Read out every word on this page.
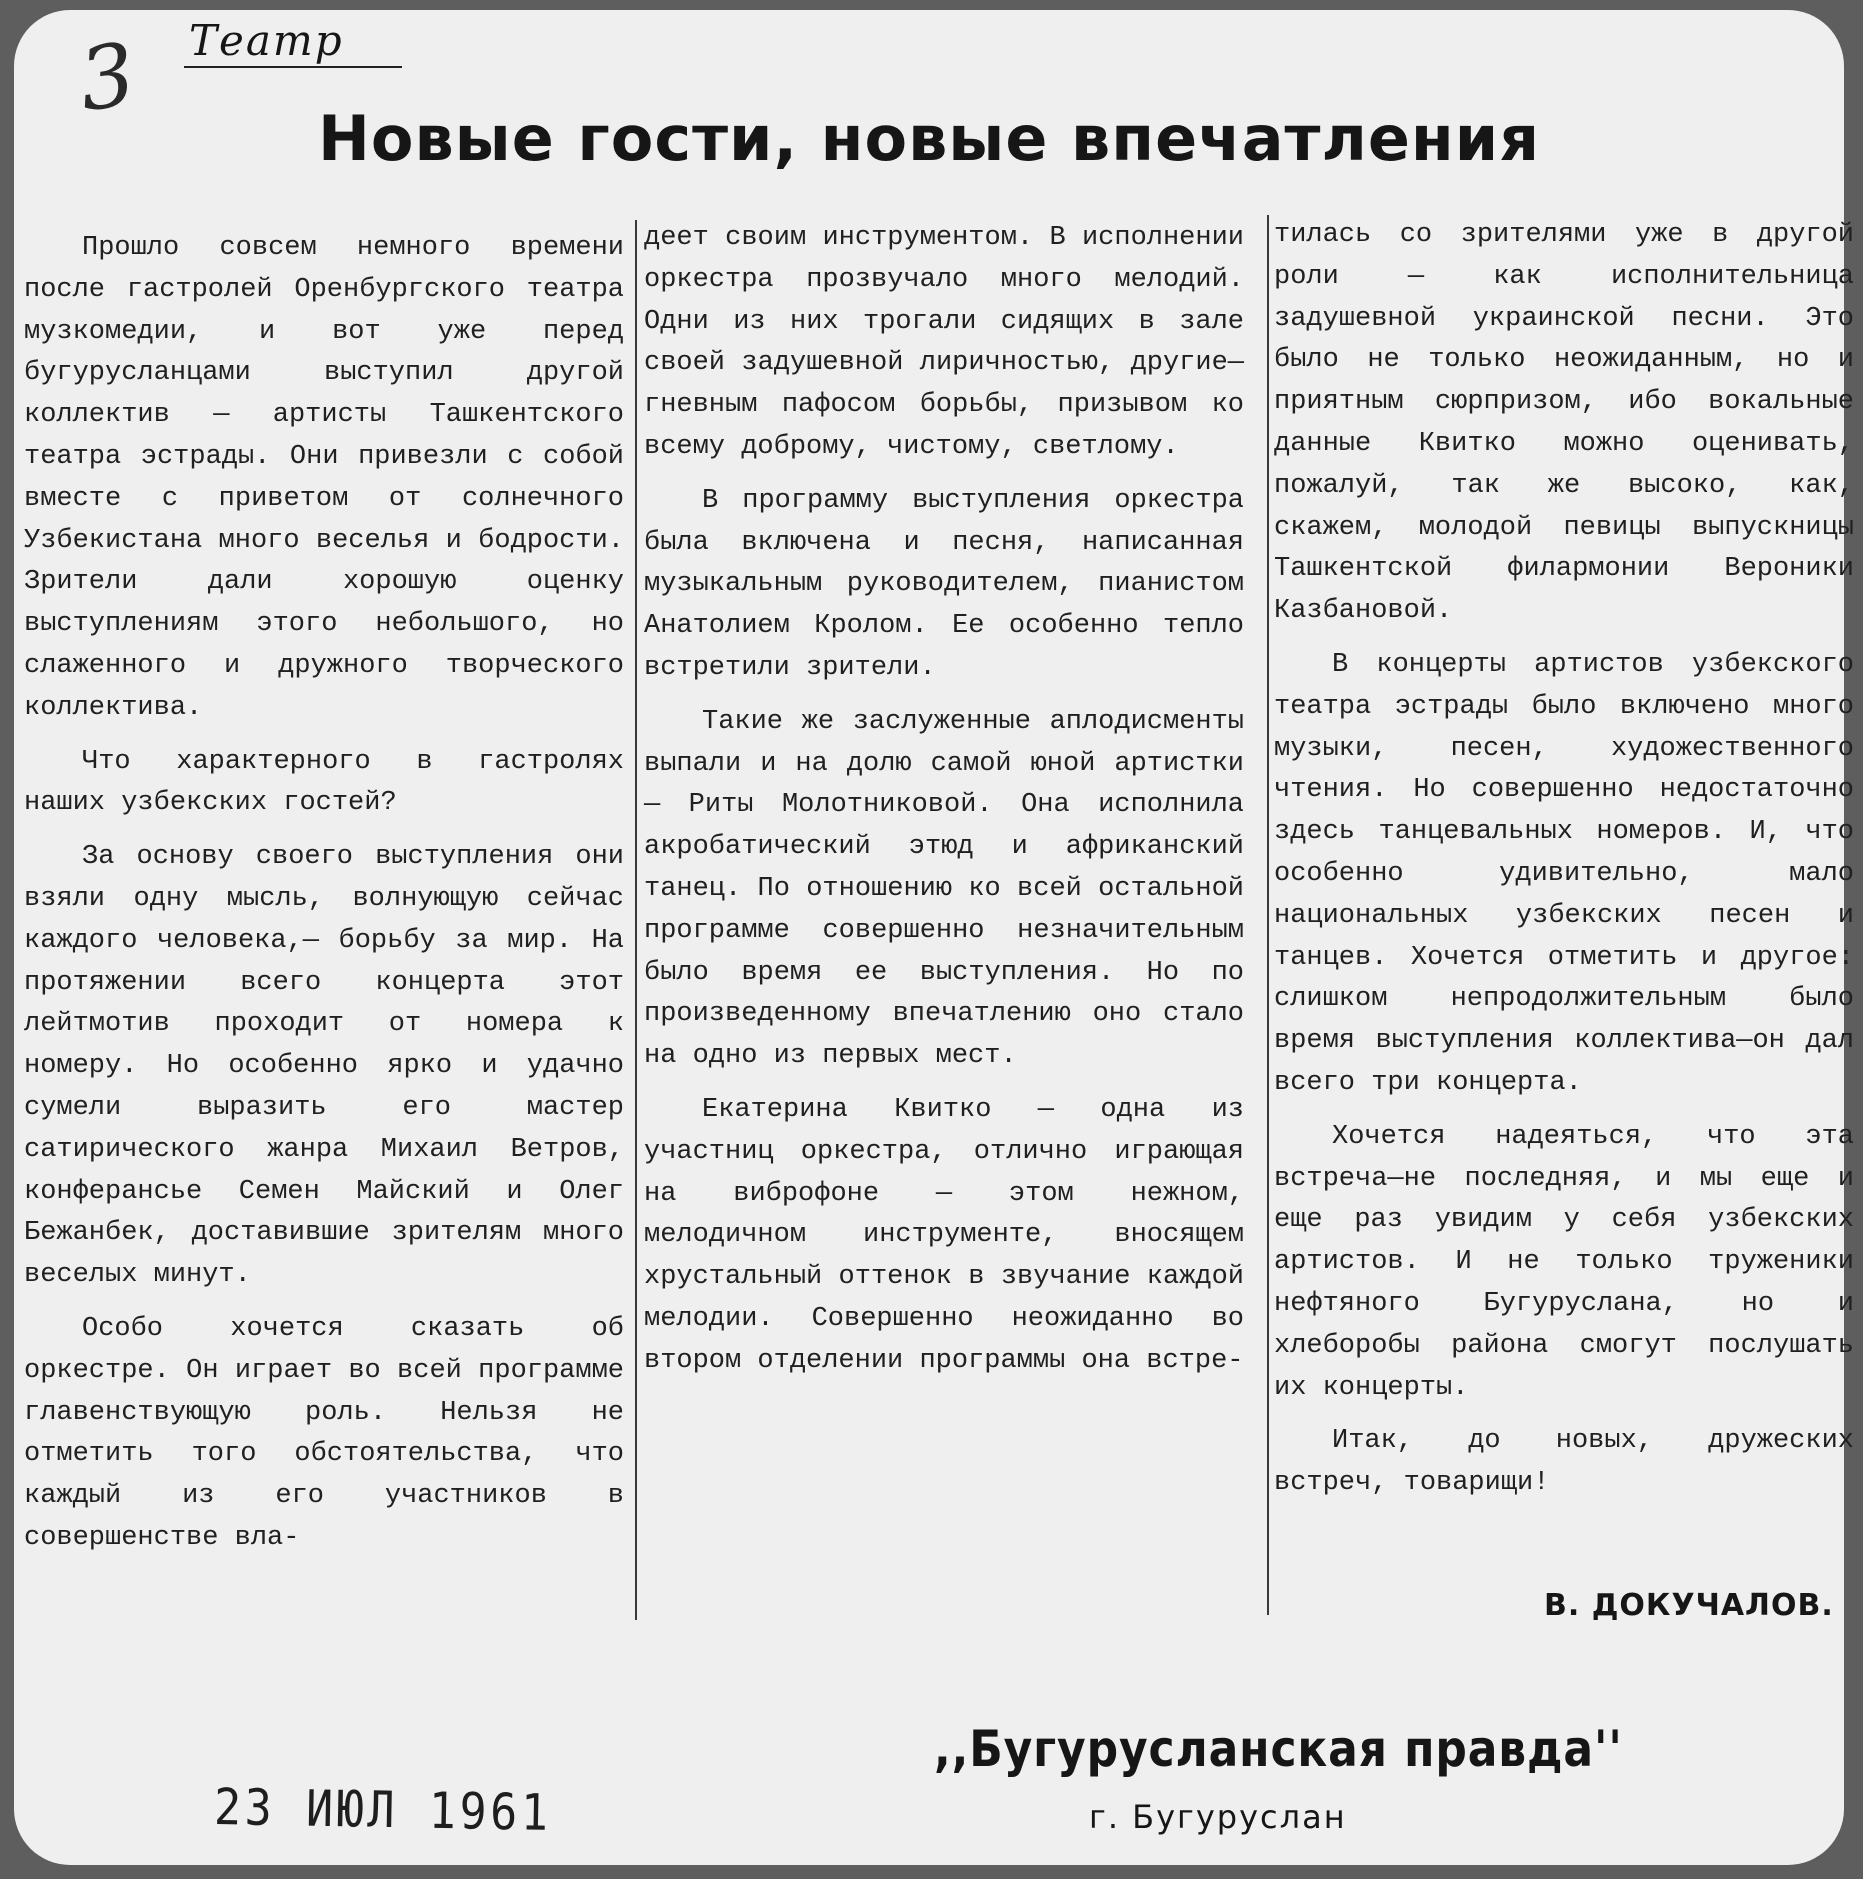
3 Театр
Новые гости, новые впечатления

Прошло совсем немного времени после гастролей Оренбургского театра музкомедии, и вот уже перед бугурусланцами выступил другой коллектив — артисты Ташкентского театра эстрады. Они привезли с собой вместе с приветом от солнечного Узбекистана много веселья и бодрости. Зрители дали хорошую оценку выступлениям этого небольшого, но слаженного и дружного творческого коллектива.

Что характерного в гастролях наших узбекских гостей?

За основу своего выступления они взяли одну мысль, волнующую сейчас каждого человека,— борьбу за мир. На протяжении всего концерта этот лейтмотив проходит от номера к номеру. Но особенно ярко и удачно сумели выразить его мастер сатирического жанра Михаил Ветров, конферансье Семен Майский и Олег Бежанбек, доставившие зрителям много веселых минут.

Особо хочется сказать об оркестре. Он играет во всей программе главенствующую роль. Нельзя не отметить того обстоятельства, что каждый из его участников в совершенстве вла-

деет своим инструментом. В исполнении оркестра прозвучало много мелодий. Одни из них трогали сидящих в зале своей задушевной лиричностью, другие— гневным пафосом борьбы, призывом ко всему доброму, чистому, светлому.

В программу выступления оркестра была включена и песня, написанная музыкальным руководителем, пианистом Анатолием Кролом. Ее особенно тепло встретили зрители.

Такие же заслуженные аплодисменты выпали и на долю самой юной артистки — Риты Молотниковой. Она исполнила акробатический этюд и африканский танец. По отношению ко всей остальной программе совершенно незначительным было время ее выступления. Но по произведенному впечатлению оно стало на одно из первых мест.

Екатерина Квитко — одна из участниц оркестра, отлично играющая на виброфоне — этом нежном, мелодичном инструменте, вносящем хрустальный оттенок в звучание каждой мелодии. Совершенно неожиданно во втором отделении программы она встре-

тилась со зрителями уже в другой роли — как исполнительница задушевной украинской песни. Это было не только неожиданным, но и приятным сюрпризом, ибо вокальные данные Квитко можно оценивать, пожалуй, так же высоко, как, скажем, молодой певицы выпускницы Ташкентской филармонии Вероники Казбановой.

В концерты артистов узбекского театра эстрады было включено много музыки, песен, художественного чтения. Но совершенно недостаточно здесь танцевальных номеров. И, что особенно удивительно, мало национальных узбекских песен и танцев. Хочется отметить и другое: слишком непродолжительным было время выступления коллектива—он дал всего три концерта.

Хочется надеяться, что эта встреча—не последняя, и мы еще и еще раз увидим у себя узбекских артистов. И не только труженики нефтяного Бугуруслана, но и хлеборобы района смогут послушать их концерты.

Итак, до новых, дружеских встреч, товарищи!

В. ДОКУЧАЛОВ.
,,Бугурусланская правда''
г. Бугуруслан
23 ИЮЛ 1961
